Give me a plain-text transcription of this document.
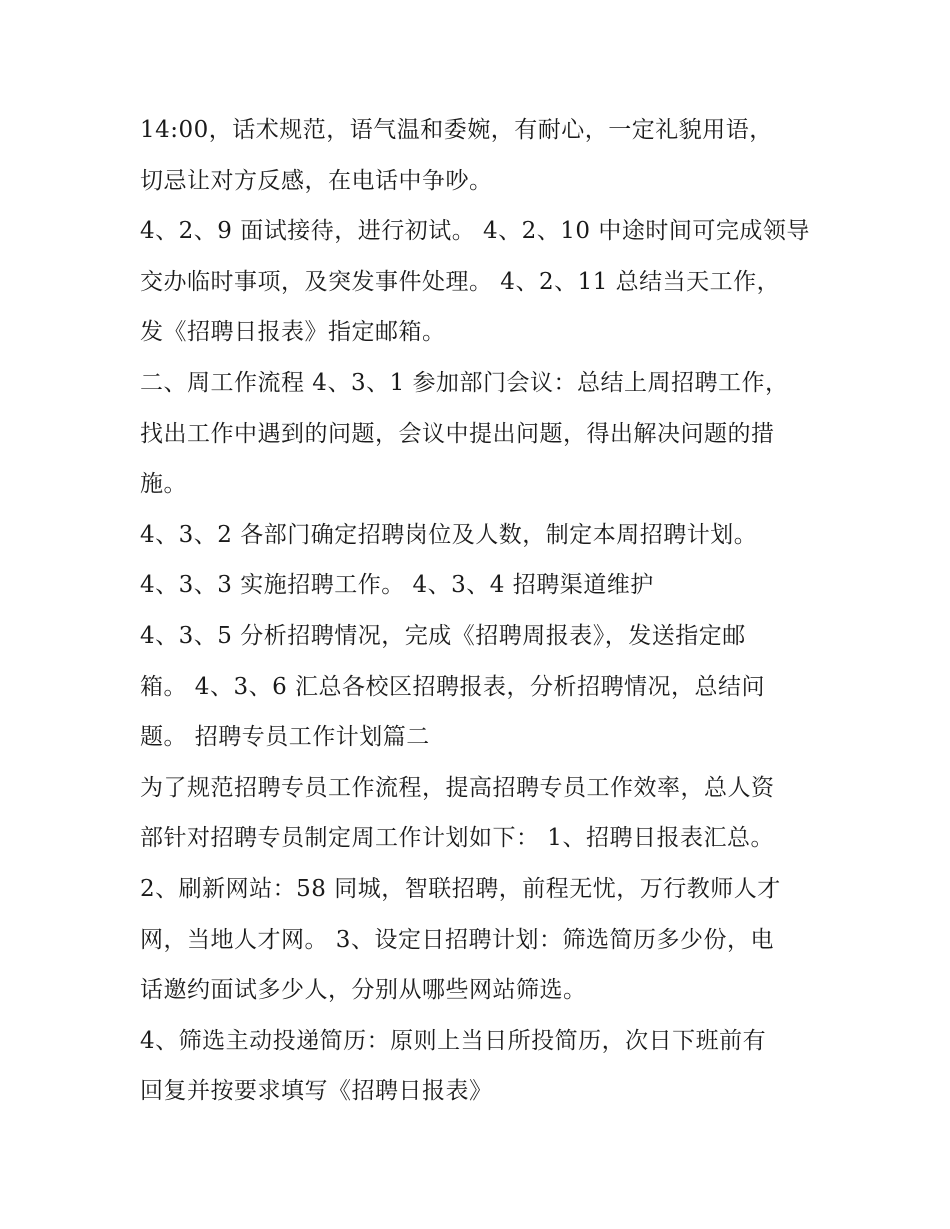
14:00，话术规范，语气温和委婉，有耐心，一定礼貌用语，
切忌让对方反感，在电话中争吵。
4、2、9 面试接待，进行初试。 4、2、10 中途时间可完成领导
交办临时事项，及突发事件处理。 4、2、11 总结当天工作，
发《招聘日报表》指定邮箱。
二、周工作流程 4、3、1 参加部门会议：总结上周招聘工作，
找出工作中遇到的问题，会议中提出问题，得出解决问题的措
施。
4、3、2 各部门确定招聘岗位及人数，制定本周招聘计划。
4、3、3 实施招聘工作。 4、3、4 招聘渠道维护
4、3、5 分析招聘情况，完成《招聘周报表》，发送指定邮
箱。 4、3、6 汇总各校区招聘报表，分析招聘情况，总结问
题。 招聘专员工作计划篇二
为了规范招聘专员工作流程，提高招聘专员工作效率，总人资
部针对招聘专员制定周工作计划如下： 1、招聘日报表汇总。
2、刷新网站：58 同城，智联招聘，前程无忧，万行教师人才
网，当地人才网。 3、设定日招聘计划：筛选简历多少份，电
话邀约面试多少人，分别从哪些网站筛选。
4、筛选主动投递简历：原则上当日所投简历，次日下班前有
回复并按要求填写《招聘日报表》
